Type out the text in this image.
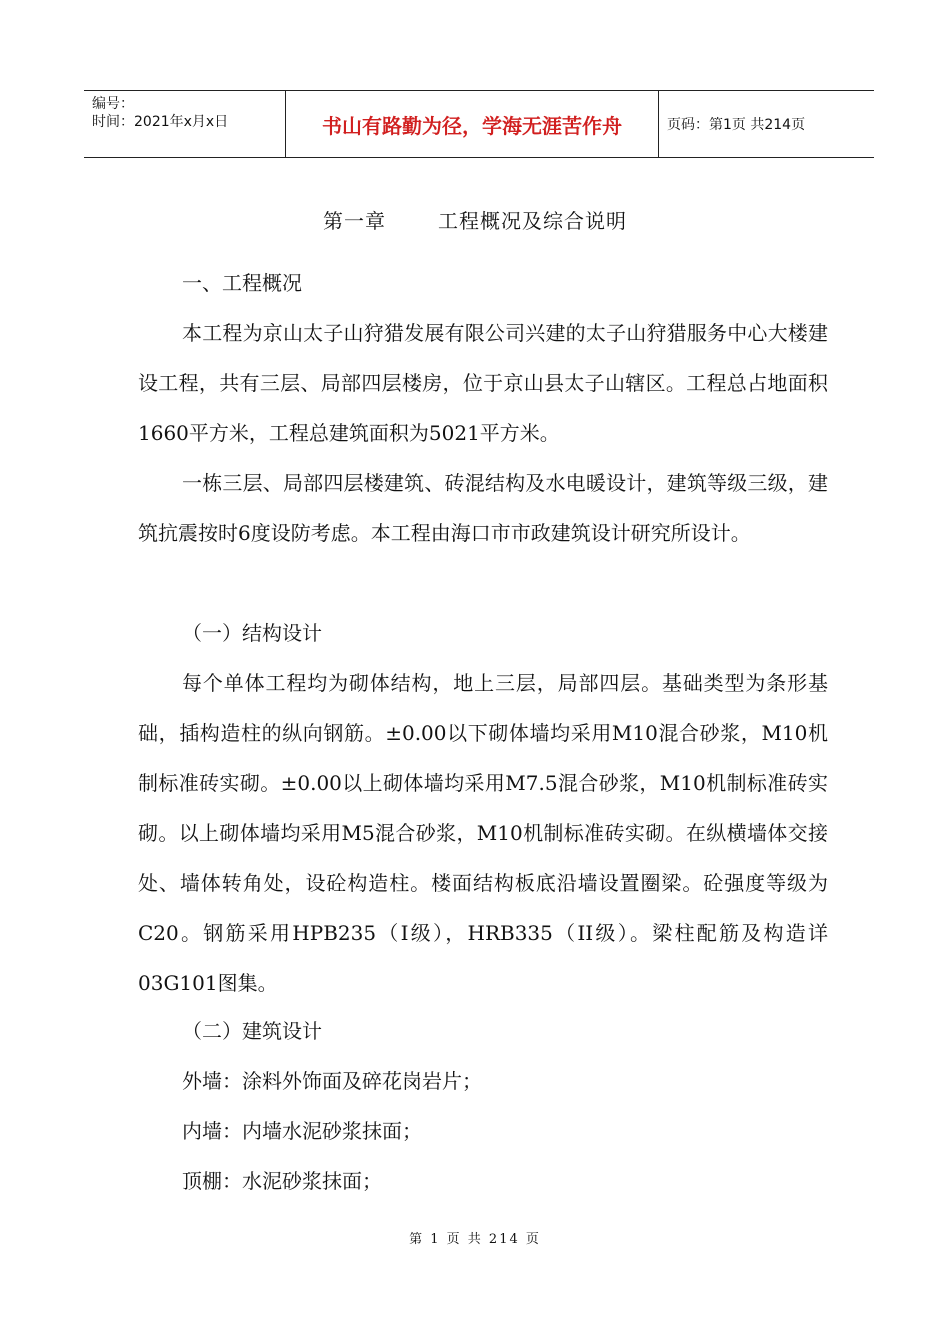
编号：
时间：2021年x月x日	书山有路勤为径，学海无涯苦作舟	页码：第1页 共214页
第一章	工程概况及综合说明
一、工程概况
本工程为京山太子山狩猎发展有限公司兴建的太子山狩猎服务中心大楼建设工程，共有三层、局部四层楼房，位于京山县太子山辖区。工程总占地面积1660平方米，工程总建筑面积为5021平方米。
一栋三层、局部四层楼建筑、砖混结构及水电暖设计，建筑等级三级，建筑抗震按时6度设防考虑。本工程由海口市市政建筑设计研究所设计。
（一）结构设计
每个单体工程均为砌体结构，地上三层，局部四层。基础类型为条形基础，插构造柱的纵向钢筋。±0.00以下砌体墙均采用M10混合砂浆，M10机制标准砖实砌。±0.00以上砌体墙均采用M7.5混合砂浆，M10机制标准砖实砌。以上砌体墙均采用M5混合砂浆，M10机制标准砖实砌。在纵横墙体交接处、墙体转角处，设砼构造柱。楼面结构板底沿墙设置圈梁。砼强度等级为C20。钢筋采用HPB235（I级），HRB335（II级）。梁柱配筋及构造详03G101图集。
（二）建筑设计
外墙：涂料外饰面及碎花岗岩片；
内墙：内墙水泥砂浆抹面；
顶棚：水泥砂浆抹面；
第 1 页 共 214 页
